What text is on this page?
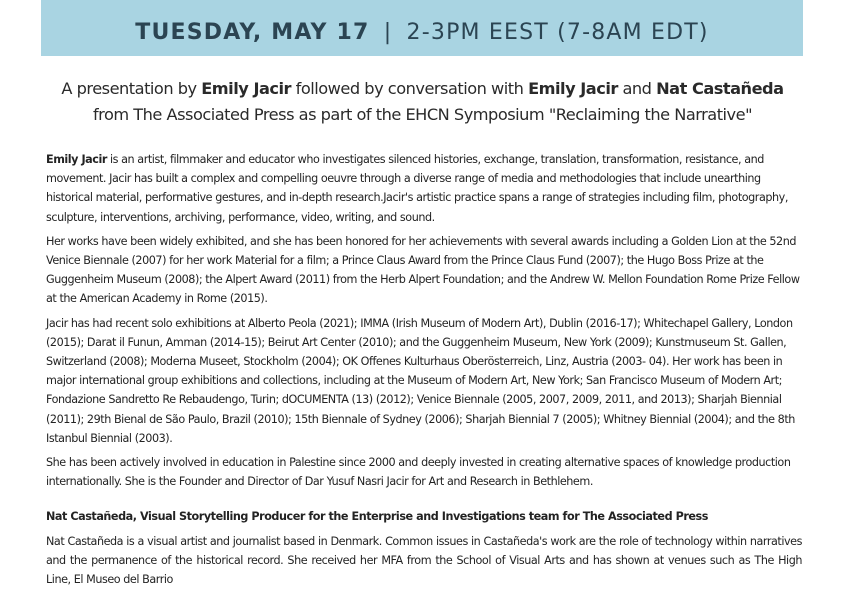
TUESDAY, MAY 17 | 2-3PM EEST (7-8AM EDT)
A presentation by Emily Jacir followed by conversation with Emily Jacir and Nat Castañeda from The Associated Press as part of the EHCN Symposium "Reclaiming the Narrative"

Emily Jacir is an artist, filmmaker and educator who investigates silenced histories, exchange, translation, transformation, resistance, and movement. Jacir has built a complex and compelling oeuvre through a diverse range of media and methodologies that include unearthing historical material, performative gestures, and in-depth research.Jacir's artistic practice spans a range of strategies including film, photography, sculpture, interventions, archiving, performance, video, writing, and sound.

Her works have been widely exhibited, and she has been honored for her achievements with several awards including a Golden Lion at the 52nd Venice Biennale (2007) for her work Material for a film; a Prince Claus Award from the Prince Claus Fund (2007); the Hugo Boss Prize at the Guggenheim Museum (2008); the Alpert Award (2011) from the Herb Alpert Foundation; and the Andrew W. Mellon Foundation Rome Prize Fellow at the American Academy in Rome (2015).

Jacir has had recent solo exhibitions at Alberto Peola (2021); IMMA (Irish Museum of Modern Art), Dublin (2016-17); Whitechapel Gallery, London (2015); Darat il Funun, Amman (2014-15); Beirut Art Center (2010); and the Guggenheim Museum, New York (2009); Kunstmuseum St. Gallen, Switzerland (2008); Moderna Museet, Stockholm (2004); OK Offenes Kulturhaus Oberösterreich, Linz, Austria (2003- 04). Her work has been in major international group exhibitions and collections, including at the Museum of Modern Art, New York; San Francisco Museum of Modern Art; Fondazione Sandretto Re Rebaudengo, Turin; dOCUMENTA (13) (2012); Venice Biennale (2005, 2007, 2009, 2011, and 2013); Sharjah Biennial (2011); 29th Bienal de São Paulo, Brazil (2010); 15th Biennale of Sydney (2006); Sharjah Biennial 7 (2005); Whitney Biennial (2004); and the 8th Istanbul Biennial (2003).

She has been actively involved in education in Palestine since 2000 and deeply invested in creating alternative spaces of knowledge production internationally. She is the Founder and Director of Dar Yusuf Nasri Jacir for Art and Research in Bethlehem.

Nat Castañeda, Visual Storytelling Producer for the Enterprise and Investigations team for The Associated Press

Nat Castañeda is a visual artist and journalist based in Denmark. Common issues in Castañeda's work are the role of technology within narratives and the permanence of the historical record. She received her MFA from the School of Visual Arts and has shown at venues such as The High Line, El Museo del Barrio
